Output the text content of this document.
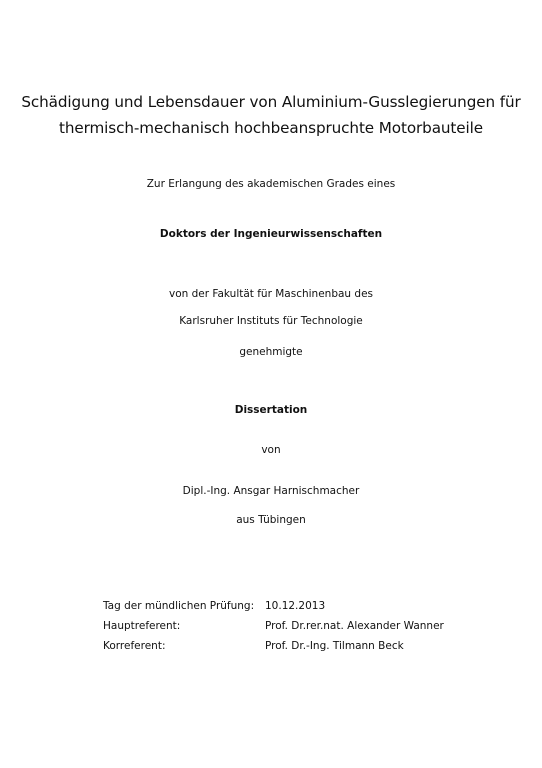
Schädigung und Lebensdauer von Aluminium-Gusslegierungen für
thermisch-mechanisch hochbeanspruchte Motorbauteile
Zur Erlangung des akademischen Grades eines
Doktors der Ingenieurwissenschaften
von der Fakultät für Maschinenbau des
Karlsruher Instituts für Technologie
genehmigte
Dissertation
von
Dipl.-Ing. Ansgar Harnischmacher
aus Tübingen
Tag der mündlichen Prüfung:	10.12.2013
Hauptreferent:	Prof. Dr.rer.nat. Alexander Wanner
Korreferent:	Prof. Dr.-Ing. Tilmann Beck
